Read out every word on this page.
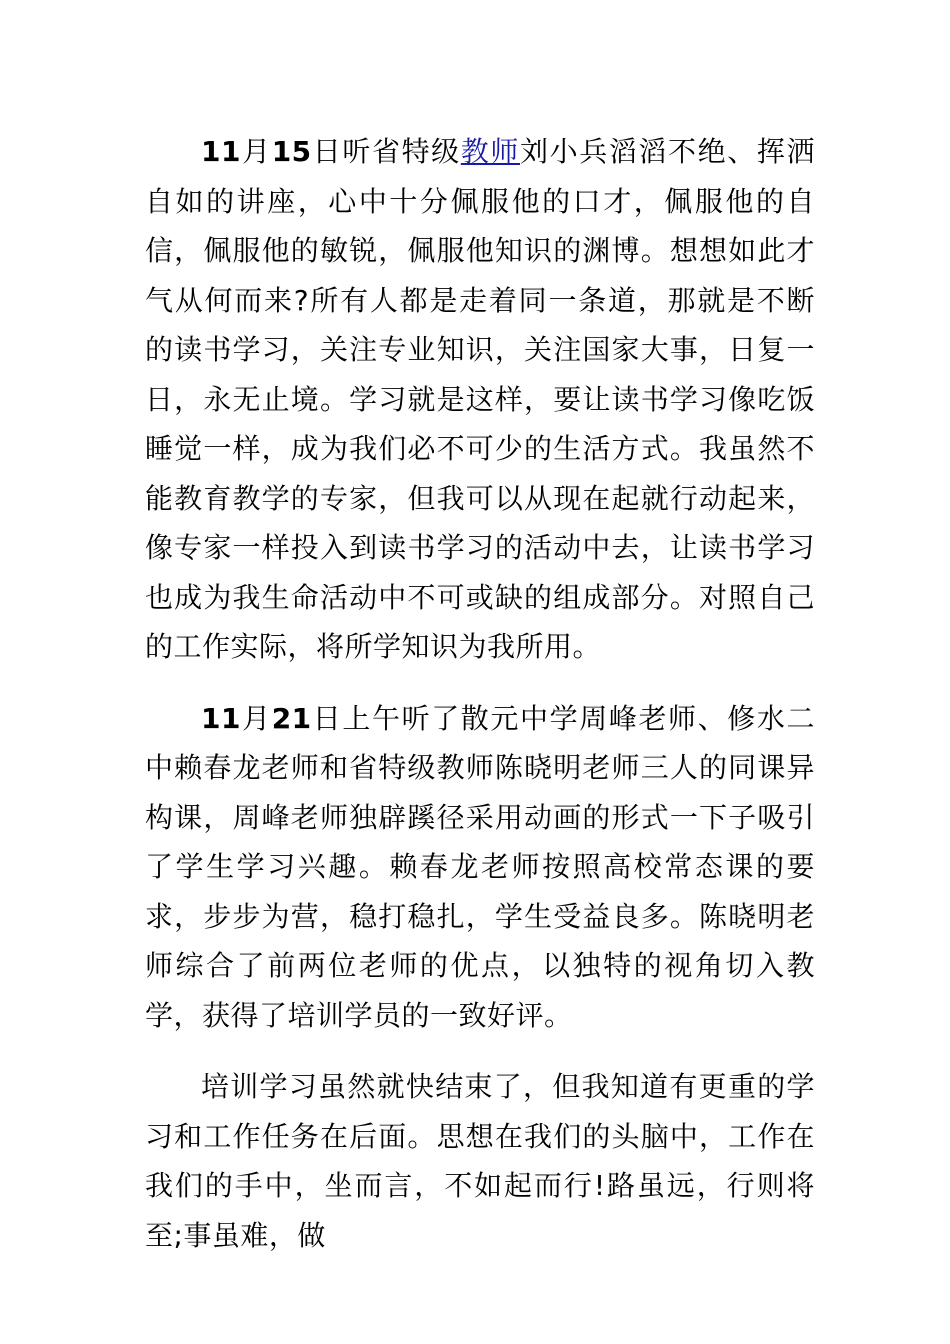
11月15日听省特级教师刘小兵滔滔不绝、挥洒自如的讲座，心中十分佩服他的口才，佩服他的自信，佩服他的敏锐，佩服他知识的渊博。想想如此才气从何而来?所有人都是走着同一条道，那就是不断的读书学习，关注专业知识，关注国家大事，日复一日，永无止境。学习就是这样，要让读书学习像吃饭睡觉一样，成为我们必不可少的生活方式。我虽然不能教育教学的专家，但我可以从现在起就行动起来，像专家一样投入到读书学习的活动中去，让读书学习也成为我生命活动中不可或缺的组成部分。对照自己的工作实际，将所学知识为我所用。

11月21日上午听了散元中学周峰老师、修水二中赖春龙老师和省特级教师陈晓明老师三人的同课异构课，周峰老师独辟蹊径采用动画的形式一下子吸引了学生学习兴趣。赖春龙老师按照高校常态课的要求，步步为营，稳打稳扎，学生受益良多。陈晓明老师综合了前两位老师的优点，以独特的视角切入教学，获得了培训学员的一致好评。

培训学习虽然就快结束了，但我知道有更重的学习和工作任务在后面。思想在我们的头脑中，工作在我们的手中，坐而言，不如起而行!路虽远，行则将至;事虽难，做
